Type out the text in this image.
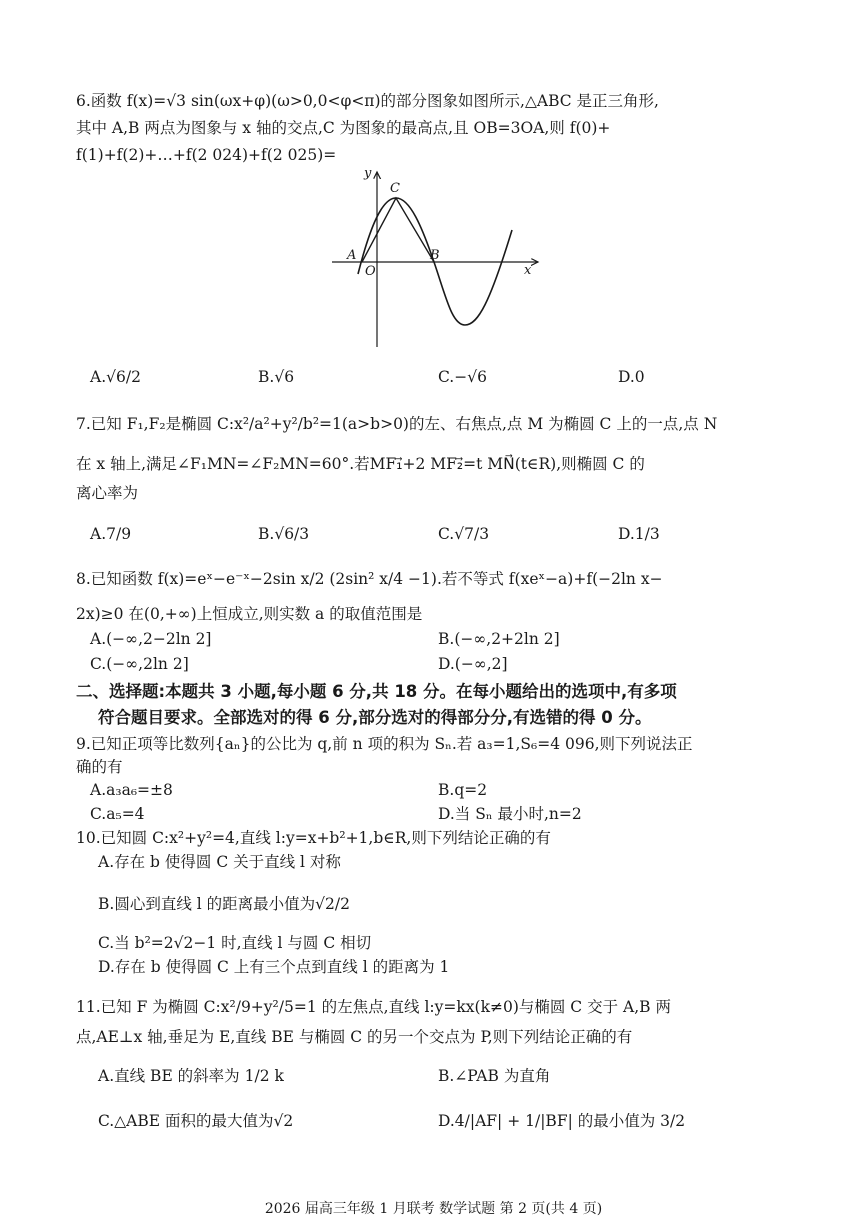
6.函数 f(x)=√3 sin(ωx+φ)(ω>0,0<φ<π)的部分图象如图所示,△ABC 是正三角形,
其中 A,B 两点为图象与 x 轴的交点,C 为图象的最高点,且 OB=3OA,则 f(0)+
f(1)+f(2)+…+f(2 024)+f(2 025)=
y
x
C
A
O
B
A.√6/2	B.√6	C.−√6	D.0
7.已知 F₁,F₂是椭圆 C:x²/a²+y²/b²=1(a>b>0)的左、右焦点,点 M 为椭圆 C 上的一点,点 N
在 x 轴上,满足∠F₁MN=∠F₂MN=60°.若MF₁⃗+2 MF₂⃗=t MN⃗(t∈R),则椭圆 C 的
离心率为
A.7/9	B.√6/3	C.√7/3	D.1/3
8.已知函数 f(x)=eˣ−e⁻ˣ−2sin x/2 (2sin² x/4 −1).若不等式 f(xeˣ−a)+f(−2ln x−
2x)≥0 在(0,+∞)上恒成立,则实数 a 的取值范围是
A.(−∞,2−2ln 2]	B.(−∞,2+2ln 2]
C.(−∞,2ln 2]	D.(−∞,2]
二、选择题:本题共 3 小题,每小题 6 分,共 18 分。在每小题给出的选项中,有多项
符合题目要求。全部选对的得 6 分,部分选对的得部分分,有选错的得 0 分。
9.已知正项等比数列{aₙ}的公比为 q,前 n 项的积为 Sₙ.若 a₃=1,S₆=4 096,则下列说法正
确的有
A.a₃a₆=±8	B.q=2
C.a₅=4	D.当 Sₙ 最小时,n=2
10.已知圆 C:x²+y²=4,直线 l:y=x+b²+1,b∈R,则下列结论正确的有
A.存在 b 使得圆 C 关于直线 l 对称
B.圆心到直线 l 的距离最小值为√2/2
C.当 b²=2√2−1 时,直线 l 与圆 C 相切
D.存在 b 使得圆 C 上有三个点到直线 l 的距离为 1
11.已知 F 为椭圆 C:x²/9+y²/5=1 的左焦点,直线 l:y=kx(k≠0)与椭圆 C 交于 A,B 两
点,AE⊥x 轴,垂足为 E,直线 BE 与椭圆 C 的另一个交点为 P,则下列结论正确的有
A.直线 BE 的斜率为 1/2 k	B.∠PAB 为直角
C.△ABE 面积的最大值为√2	D.4/|AF| + 1/|BF| 的最小值为 3/2
2026 届高三年级 1 月联考 数学试题 第 2 页(共 4 页)
